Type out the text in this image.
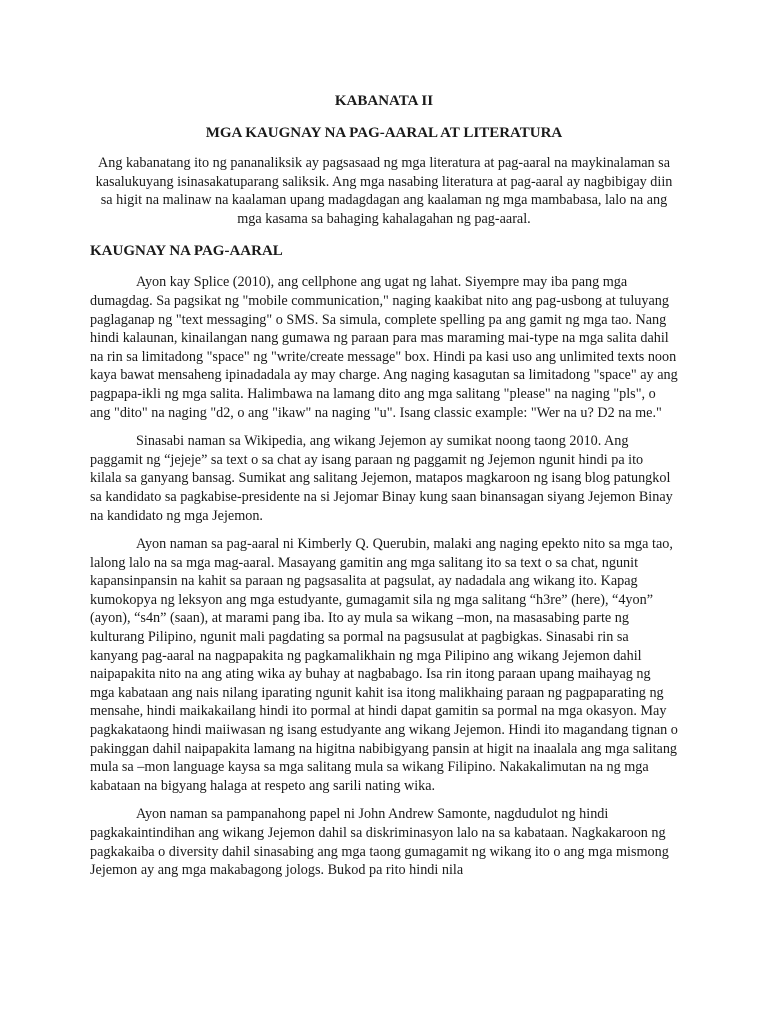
KABANATA II
MGA KAUGNAY NA PAG-AARAL AT LITERATURA

Ang kabanatang ito ng pananaliksik ay pagsasaad ng mga literatura at pag-aaral na maykinalaman sa kasalukuyang isinasakatuparang saliksik. Ang mga nasabing literatura at pag-aaral ay nagbibigay diin sa higit na malinaw na kaalaman upang madagdagan ang kaalaman ng mga mambabasa, lalo na ang mga kasama sa bahaging kahalagahan ng pag-aaral.

KAUGNAY NA PAG-AARAL

Ayon kay Splice (2010), ang cellphone ang ugat ng lahat. Siyempre may iba pang mga dumagdag. Sa pagsikat ng "mobile communication," naging kaakibat nito ang pag-usbong at tuluyang paglaganap ng "text messaging" o SMS. Sa simula, complete spelling pa ang gamit ng mga tao. Nang hindi kalaunan, kinailangan nang gumawa ng paraan para mas maraming mai-type na mga salita dahil na rin sa limitadong "space" ng "write/create message" box. Hindi pa kasi uso ang unlimited texts noon kaya bawat mensaheng ipinadadala ay may charge. Ang naging kasagutan sa limitadong "space" ay ang pagpapa-ikli ng mga salita. Halimbawa na lamang dito ang mga salitang "please" na naging "pls", o ang "dito" na naging "d2, o ang "ikaw" na naging "u". Isang classic example: "Wer na u? D2 na me."

Sinasabi naman sa Wikipedia, ang wikang Jejemon ay sumikat noong taong 2010. Ang paggamit ng “jejeje” sa text o sa chat ay isang paraan ng paggamit ng Jejemon ngunit hindi pa ito kilala sa ganyang bansag. Sumikat ang salitang Jejemon, matapos magkaroon ng isang blog patungkol sa kandidato sa pagkabise-presidente na si Jejomar Binay kung saan binansagan siyang Jejemon Binay na kandidato ng mga Jejemon.

Ayon naman sa pag-aaral ni Kimberly Q. Querubin, malaki ang naging epekto nito sa mga tao, lalong lalo na sa mga mag-aaral. Masayang gamitin ang mga salitang ito sa text o sa chat, ngunit kapansinpansin na kahit sa paraan ng pagsasalita at pagsulat, ay nadadala ang wikang ito. Kapag kumokopya ng leksyon ang mga estudyante, gumagamit sila ng mga salitang “h3re” (here), “4yon” (ayon), “s4n” (saan), at marami pang iba. Ito ay mula sa wikang –mon, na masasabing parte ng kulturang Pilipino, ngunit mali pagdating sa pormal na pagsusulat at pagbigkas. Sinasabi rin sa kanyang pag-aaral na nagpapakita ng pagkamalikhain ng mga Pilipino ang wikang Jejemon dahil naipapakita nito na ang ating wika ay buhay at nagbabago. Isa rin itong paraan upang maihayag ng mga kabataan ang nais nilang iparating ngunit kahit isa itong malikhaing paraan ng pagpaparating ng mensahe, hindi maikakailang hindi ito pormal at hindi dapat gamitin sa pormal na mga okasyon. May pagkakataong hindi maiiwasan ng isang estudyante ang wikang Jejemon. Hindi ito magandang tignan o pakinggan dahil naipapakita lamang na higitna nabibigyang pansin at higit na inaalala ang mga salitang mula sa –mon language kaysa sa mga salitang mula sa wikang Filipino. Nakakalimutan na ng mga kabataan na bigyang halaga at respeto ang sarili nating wika.

Ayon naman sa pampanahong papel ni John Andrew Samonte, nagdudulot ng hindi pagkakaintindihan ang wikang Jejemon dahil sa diskriminasyon lalo na sa kabataan. Nagkakaroon ng pagkakaiba o diversity dahil sinasabing ang mga taong gumagamit ng wikang ito o ang mga mismong Jejemon ay ang mga makabagong jologs. Bukod pa rito hindi nila
